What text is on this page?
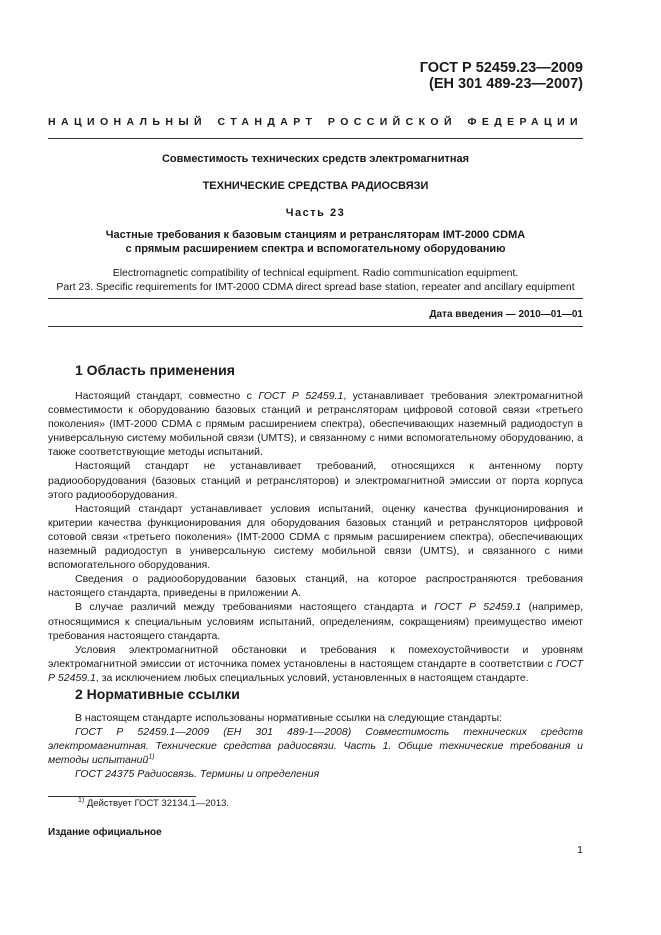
ГОСТ Р 52459.23—2009
(ЕН 301 489-23—2007)
НАЦИОНАЛЬНЫЙ СТАНДАРТ РОССИЙСКОЙ ФЕДЕРАЦИИ
Совместимость технических средств электромагнитная
ТЕХНИЧЕСКИЕ СРЕДСТВА РАДИОСВЯЗИ
Часть 23
Частные требования к базовым станциям и ретрансляторам IMT-2000 CDMA
с прямым расширением спектра и вспомогательному оборудованию
Electromagnetic compatibility of technical equipment. Radio communication equipment.
Part 23. Specific requirements for IMT-2000 CDMA direct spread base station, repeater and ancillary equipment
Дата введения — 2010—01—01
1 Область применения

Настоящий стандарт, совместно с ГОСТ Р 52459.1, устанавливает требования электромагнитной совместимости к оборудованию базовых станций и ретрансляторам цифровой сотовой связи «третьего поколения» (IMT-2000 CDMA с прямым расширением спектра), обеспечивающих наземный радиодоступ в универсальную систему мобильной связи (UMTS), и связанному с ними вспомогательному оборудованию, а также соответствующие методы испытаний.

Настоящий стандарт не устанавливает требований, относящихся к антенному порту радиооборудования (базовых станций и ретрансляторов) и электромагнитной эмиссии от порта корпуса этого радиооборудования.

Настоящий стандарт устанавливает условия испытаний, оценку качества функционирования и критерии качества функционирования для оборудования базовых станций и ретрансляторов цифровой сотовой связи «третьего поколения» (IMT-2000 CDMA с прямым расширением спектра), обеспечивающих наземный радиодоступ в универсальную систему мобильной связи (UMTS), и связанного с ними вспомогательного оборудования.

Сведения о радиооборудовании базовых станций, на которое распространяются требования настоящего стандарта, приведены в приложении А.

В случае различий между требованиями настоящего стандарта и ГОСТ Р 52459.1 (например, относящимися к специальным условиям испытаний, определениям, сокращениям) преимущество имеют требования настоящего стандарта.

Условия электромагнитной обстановки и требования к помехоустойчивости и уровням электромагнитной эмиссии от источника помех установлены в настоящем стандарте в соответствии с ГОСТ Р 52459.1, за исключением любых специальных условий, установленных в настоящем стандарте.

2 Нормативные ссылки

В настоящем стандарте использованы нормативные ссылки на следующие стандарты:

ГОСТ Р 52459.1—2009 (ЕН 301 489-1—2008) Совместимость технических средств электромагнитная. Технические средства радиосвязи. Часть 1. Общие технические требования и методы испытаний$^{1)}$

ГОСТ 24375 Радиосвязь. Термины и определения

$^{1)}$ Действует ГОСТ 32134.1—2013.
Издание официальное
1
